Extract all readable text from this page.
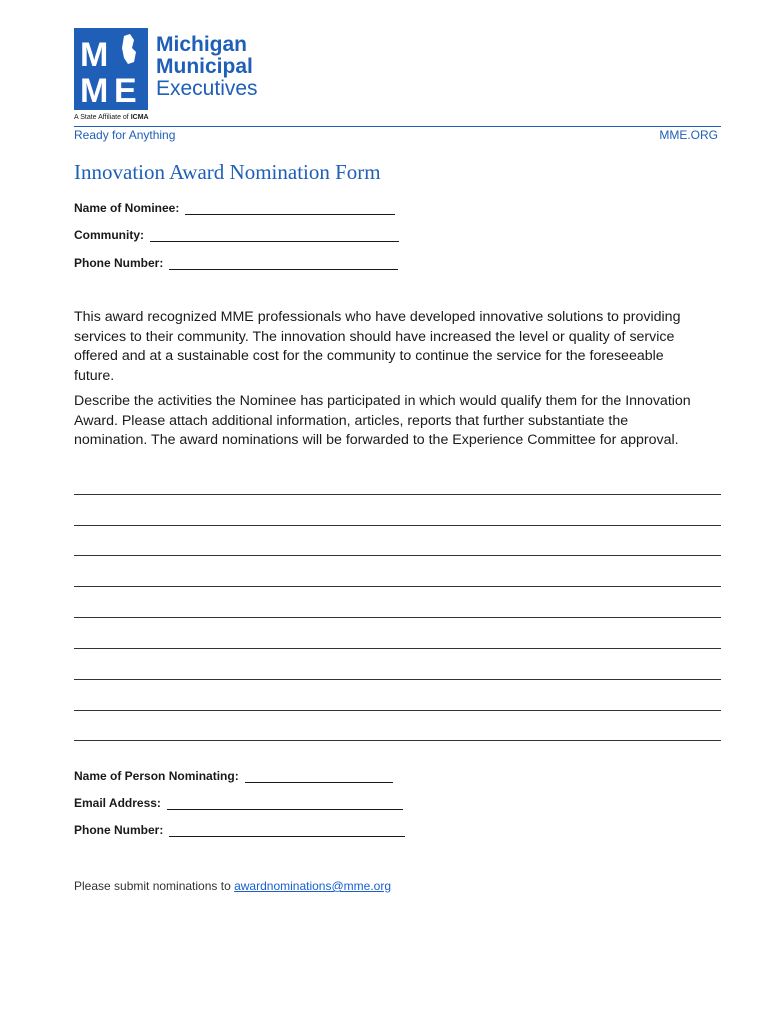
M
M E
Michigan
Municipal
Executives
A State Affiliate of ICMA
Ready for Anything	MME.ORG
Innovation Award Nomination Form
Name of Nominee:
Community:
Phone Number:
This award recognized MME professionals who have developed innovative solutions to providing services to their community. The innovation should have increased the level or quality of service offered and at a sustainable cost for the community to continue the service for the foreseeable future.
Describe the activities the Nominee has participated in which would qualify them for the Innovation Award. Please attach additional information, articles, reports that further substantiate the nomination. The award nominations will be forwarded to the Experience Committee for approval.
Name of Person Nominating:
Email Address:
Phone Number:
Please submit nominations to awardnominations@mme.org
